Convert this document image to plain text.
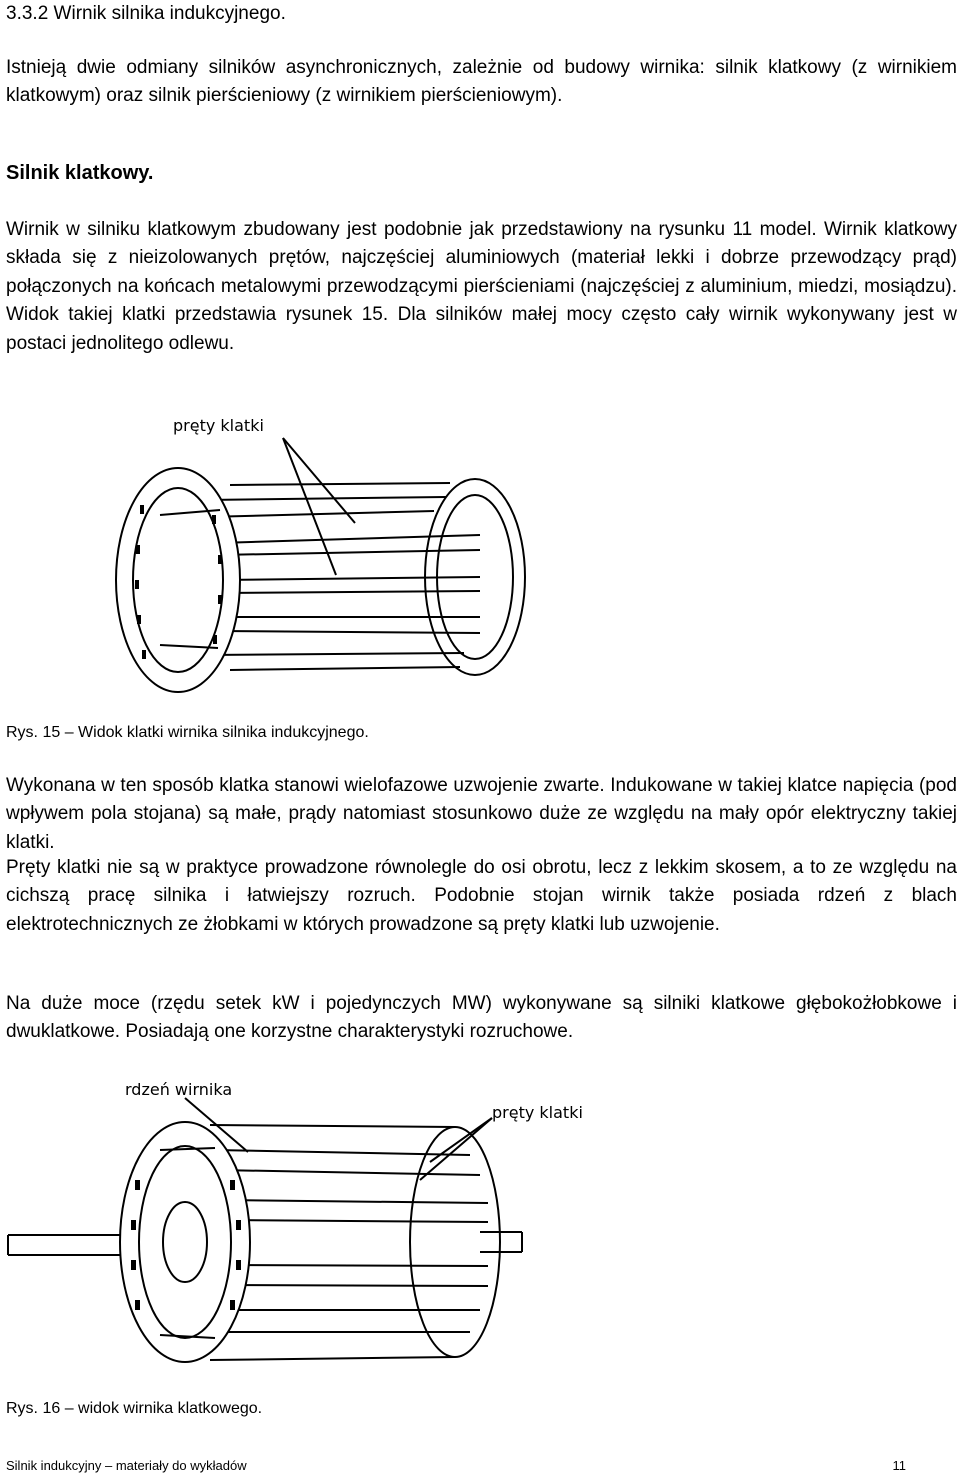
3.3.2 Wirnik silnika indukcyjnego.

Istnieją dwie odmiany silników asynchronicznych, zależnie od budowy wirnika: silnik klatkowy (z wirnikiem klatkowym) oraz silnik pierścieniowy (z wirnikiem pierścieniowym).

Silnik klatkowy.

Wirnik w silniku klatkowym zbudowany jest podobnie jak przedstawiony na rysunku 11 model. Wirnik klatkowy składa się z nieizolowanych prętów, najczęściej aluminiowych (materiał lekki i dobrze przewodzący prąd) połączonych na końcach metalowymi przewodzącymi pierścieniami (najczęściej z aluminium, miedzi, mosiądzu). Widok takiej klatki przedstawia rysunek 15. Dla silników małej mocy często cały wirnik wykonywany jest w postaci jednolitego odlewu.

pręty klatki
Rys. 15 – Widok klatki wirnika silnika indukcyjnego.

Wykonana w ten sposób klatka stanowi wielofazowe uzwojenie zwarte. Indukowane w takiej klatce napięcia (pod wpływem pola stojana) są małe, prądy natomiast stosunkowo duże ze względu na mały opór elektryczny takiej klatki.

Pręty klatki nie są w praktyce prowadzone równolegle do osi obrotu, lecz z lekkim skosem, a to ze względu na cichszą pracę silnika i łatwiejszy rozruch. Podobnie stojan wirnik także posiada rdzeń z blach elektrotechnicznych ze żłobkami w których prowadzone są pręty klatki lub uzwojenie.

Na duże moce (rzędu setek kW i pojedynczych MW) wykonywane są silniki klatkowe głębokożłobkowe i dwuklatkowe. Posiadają one korzystne charakterystyki rozruchowe.

rdzeń wirnika
pręty klatki
Rys. 16 – widok wirnika klatkowego.
Silnik indukcyjny – materiały do wykładów	11
